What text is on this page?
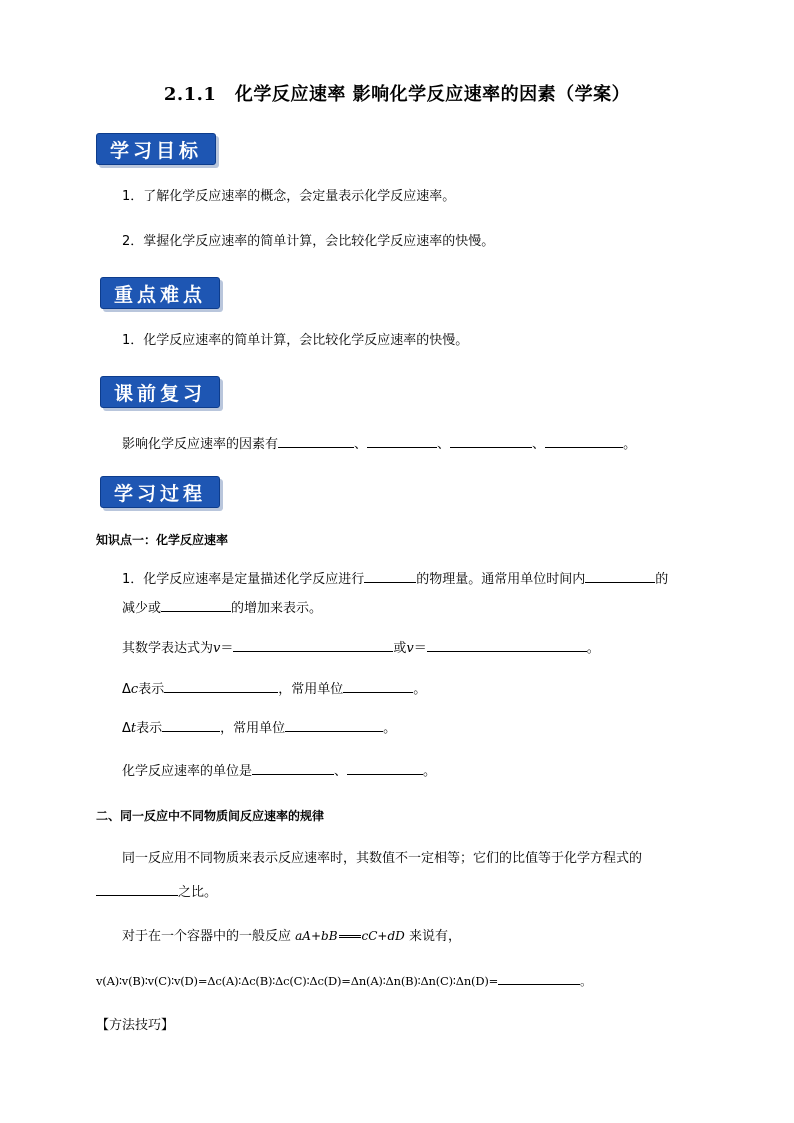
2.1.1　化学反应速率 影响化学反应速率的因素（学案）
学习目标
1．了解化学反应速率的概念，会定量表示化学反应速率。
2．掌握化学反应速率的简单计算，会比较化学反应速率的快慢。
重点难点
1．化学反应速率的简单计算，会比较化学反应速率的快慢。
课前复习
影响化学反应速率的因素有	、	、	、	。
学习过程
知识点一：化学反应速率
1．化学反应速率是定量描述化学反应进行	的物理量。通常用单位时间内	的
减少或	的增加来表示。
其数学表达式为v＝	或v＝	。
Δc表示	，常用单位	。
Δt表示	，常用单位	。
化学反应速率的单位是	、	。
二、同一反应中不同物质间反应速率的规律
同一反应用不同物质来表示反应速率时，其数值不一定相等；它们的比值等于化学方程式的
之比。
对于在一个容器中的一般反应 aA+bB cC+dD 来说有，
v(A)∶v(B)∶v(C)∶v(D)=Δc(A)∶Δc(B)∶Δc(C)∶Δc(D)=Δn(A)∶Δn(B)∶Δn(C)∶Δn(D)=	。
【方法技巧】
